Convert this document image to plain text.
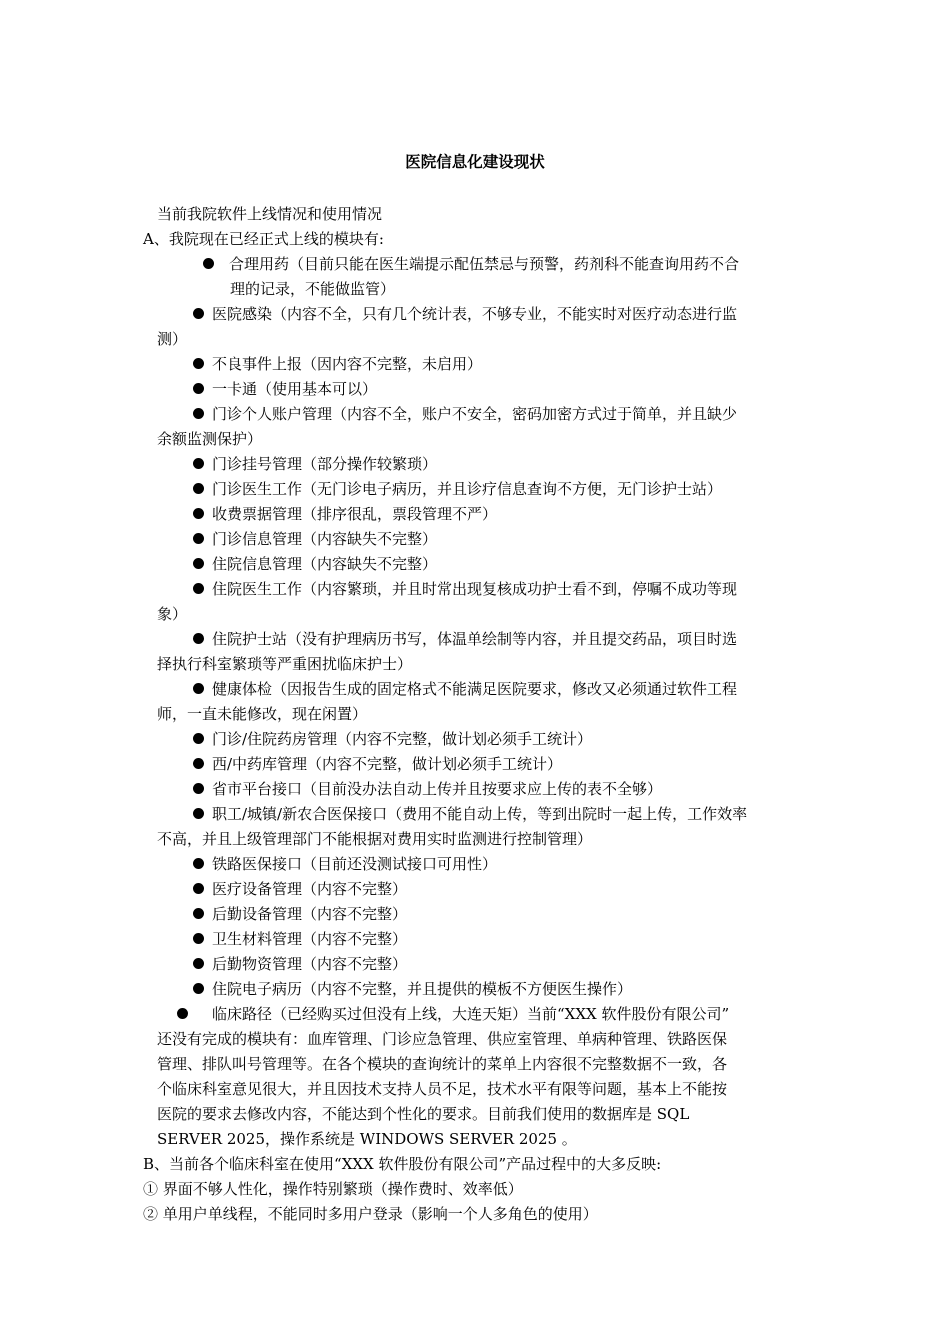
医院信息化建设现状
当前我院软件上线情况和使用情况
A、我院现在已经正式上线的模块有:
合理用药（目前只能在医生端提示配伍禁忌与预警，药剂科不能查询用药不合
理的记录，不能做监管）
医院感染（内容不全，只有几个统计表，不够专业，不能实时对医疗动态进行监
测）
不良事件上报（因内容不完整，未启用）
一卡通（使用基本可以）
门诊个人账户管理（内容不全，账户不安全，密码加密方式过于简单，并且缺少
余额监测保护）
门诊挂号管理（部分操作较繁琐）
门诊医生工作（无门诊电子病历，并且诊疗信息查询不方便，无门诊护士站）
收费票据管理（排序很乱，票段管理不严）
门诊信息管理（内容缺失不完整）
住院信息管理（内容缺失不完整）
住院医生工作（内容繁琐，并且时常出现复核成功护士看不到，停嘱不成功等现
象）
住院护士站（没有护理病历书写，体温单绘制等内容，并且提交药品，项目时选
择执行科室繁琐等严重困扰临床护士）
健康体检（因报告生成的固定格式不能满足医院要求，修改又必须通过软件工程
师，一直未能修改，现在闲置）
门诊/住院药房管理（内容不完整，做计划必须手工统计）
西/中药库管理（内容不完整，做计划必须手工统计）
省市平台接口（目前没办法自动上传并且按要求应上传的表不全够）
职工/城镇/新农合医保接口（费用不能自动上传，等到出院时一起上传，工作效率
不高，并且上级管理部门不能根据对费用实时监测进行控制管理）
铁路医保接口（目前还没测试接口可用性）
医疗设备管理（内容不完整）
后勤设备管理（内容不完整）
卫生材料管理（内容不完整）
后勤物资管理（内容不完整）
住院电子病历（内容不完整，并且提供的模板不方便医生操作）
临床路径（已经购买过但没有上线，大连天矩）当前“XXX 软件股份有限公司”
还没有完成的模块有：血库管理、门诊应急管理、供应室管理、单病种管理、铁路医保
管理、排队叫号管理等。在各个模块的查询统计的菜单上内容很不完整数据不一致，各
个临床科室意见很大，并且因技术支持人员不足，技术水平有限等问题，基本上不能按
医院的要求去修改内容，不能达到个性化的要求。目前我们使用的数据库是 SQL
SERVER 2025，操作系统是 WINDOWS SERVER 2025 。
B、当前各个临床科室在使用“XXX 软件股份有限公司”产品过程中的大多反映:
① 界面不够人性化，操作特别繁琐（操作费时、效率低）
② 单用户单线程，不能同时多用户登录（影响一个人多角色的使用）
